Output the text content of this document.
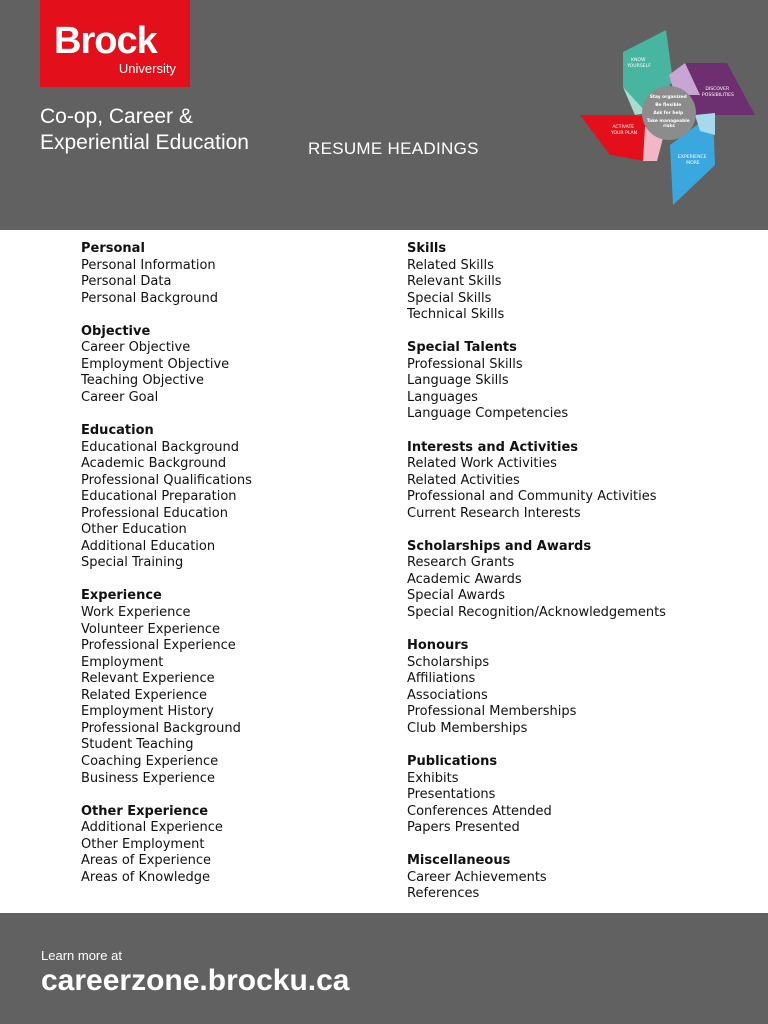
Brock
University
Co-op, Career &
Experiential Education	RESUME HEADINGS
KNOW YOURSELF
DISCOVER POSSIBILITIES
ACTIVATE YOUR PLAN
EXPERIENCE MORE
Stay organized Be flexible Ask for help Take manageable risks
Personal
Personal Information
Personal Data
Personal Background
Objective
Career Objective
Employment Objective
Teaching Objective
Career Goal
Education
Educational Background
Academic Background
Professional Qualifications
Educational Preparation
Professional Education
Other Education
Additional Education
Special Training
Experience
Work Experience
Volunteer Experience
Professional Experience
Employment
Relevant Experience
Related Experience
Employment History
Professional Background
Student Teaching
Coaching Experience
Business Experience
Other Experience
Additional Experience
Other Employment
Areas of Experience
Areas of Knowledge
Skills
Related Skills
Relevant Skills
Special Skills
Technical Skills
Special Talents
Professional Skills
Language Skills
Languages
Language Competencies
Interests and Activities
Related Work Activities
Related Activities
Professional and Community Activities
Current Research Interests
Scholarships and Awards
Research Grants
Academic Awards
Special Awards
Special Recognition/Acknowledgements
Honours
Scholarships
Affiliations
Associations
Professional Memberships
Club Memberships
Publications
Exhibits
Presentations
Conferences Attended
Papers Presented
Miscellaneous
Career Achievements
References
Learn more at
careerzone.brocku.ca
